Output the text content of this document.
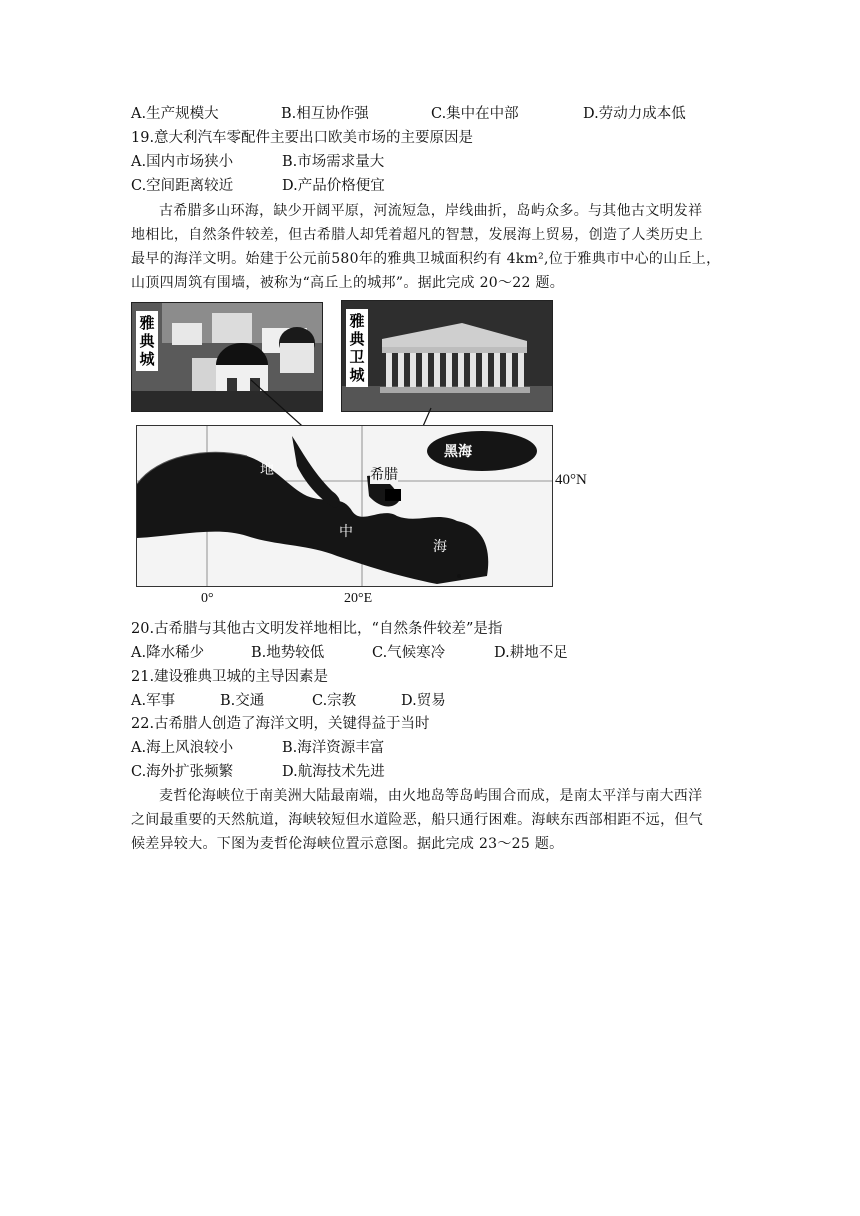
A.生产规模大	B.相互协作强	C.集中在中部	D.劳动力成本低
19.意大利汽车零配件主要出口欧美市场的主要原因是
A.国内市场狭小	B.市场需求量大
C.空间距离较近	D.产品价格便宜
古希腊多山环海，缺少开阔平原，河流短急，岸线曲折，岛屿众多。与其他古文明发祥
地相比，自然条件较差，但古希腊人却凭着超凡的智慧，发展海上贸易，创造了人类历史上
最早的海洋文明。始建于公元前580年的雅典卫城面积约有 4km²,位于雅典市中心的山丘上，
山顶四周筑有围墙，被称为“高丘上的城邦”。据此完成 20～22 题。
雅典城
雅典卫城
黑海
希腊
地
中
海
40°N
0°	20°E
20.古希腊与其他古文明发祥地相比，“自然条件较差”是指
A.降水稀少	B.地势较低	C.气候寒冷	D.耕地不足
21.建设雅典卫城的主导因素是
A.军事	B.交通	C.宗教	D.贸易
22.古希腊人创造了海洋文明，关键得益于当时
A.海上风浪较小	B.海洋资源丰富
C.海外扩张频繁	D.航海技术先进
麦哲伦海峡位于南美洲大陆最南端，由火地岛等岛屿围合而成，是南太平洋与南大西洋
之间最重要的天然航道，海峡较短但水道险恶，船只通行困难。海峡东西部相距不远，但气
候差异较大。下图为麦哲伦海峡位置示意图。据此完成 23～25 题。
